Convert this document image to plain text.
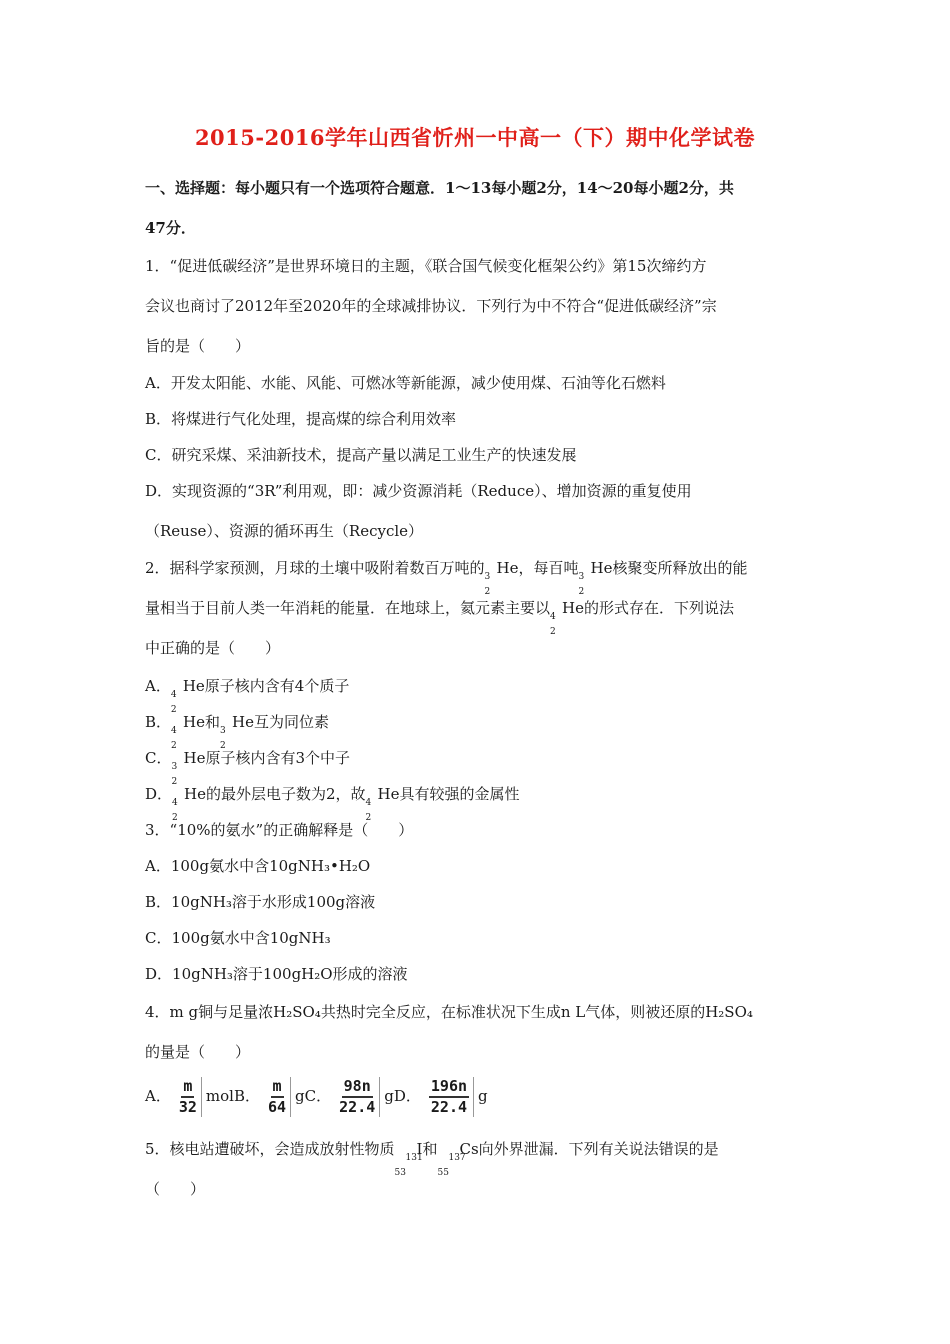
2015-2016学年山西省忻州一中高一（下）期中化学试卷
一、选择题：每小题只有一个选项符合题意．1～13每小题2分，14～20每小题2分，共
47分．
1．“促进低碳经济”是世界环境日的主题，《联合国气候变化框架公约》第15次缔约方
会议也商讨了2012年至2020年的全球减排协议．下列行为中不符合“促进低碳经济”宗
旨的是（　　）
A．开发太阳能、水能、风能、可燃冰等新能源，减少使用煤、石油等化石燃料
B．将煤进行气化处理，提高煤的综合利用效率
C．研究采煤、采油新技术，提高产量以满足工业生产的快速发展
D．实现资源的“3R”利用观，即：减少资源消耗（Reduce）、增加资源的重复使用
（Reuse）、资源的循环再生（Recycle）
2．据科学家预测，月球的土壤中吸附着数百万吨的 3
2
He，每百吨 3
2
He核聚变所释放出的能
量相当于目前人类一年消耗的能量．在地球上，氦元素主要以 4
2
He的形式存在．下列说法
中正确的是（　　）
A． 4
2
He原子核内含有4个质子
B． 4
2
He和 3
2
He互为同位素
C． 3
2
He原子核内含有3个中子
D． 4
2
He的最外层电子数为2，故 4
2
He具有较强的金属性
3．“10%的氨水”的正确解释是（　　）
A．100g氨水中含10gNH₃•H₂O
B．10gNH₃溶于水形成100g溶液
C．100g氨水中含10gNH₃
D．10gNH₃溶于100gH₂O形成的溶液
4．m g铜与足量浓H₂SO₄共热时完全反应，在标准状况下生成n L气体，则被还原的H₂SO₄
的量是（　　）
A． $\frac{m}{32}$ molB． $\frac{m}{64}$ gC． $\frac{98n}{22.4}$ gD． $\frac{196n}{22.4}$ g
5．核电站遭破坏，会造成放射性物质 131
53
I和 137
55
Cs向外界泄漏．下列有关说法错误的是
（　　）
